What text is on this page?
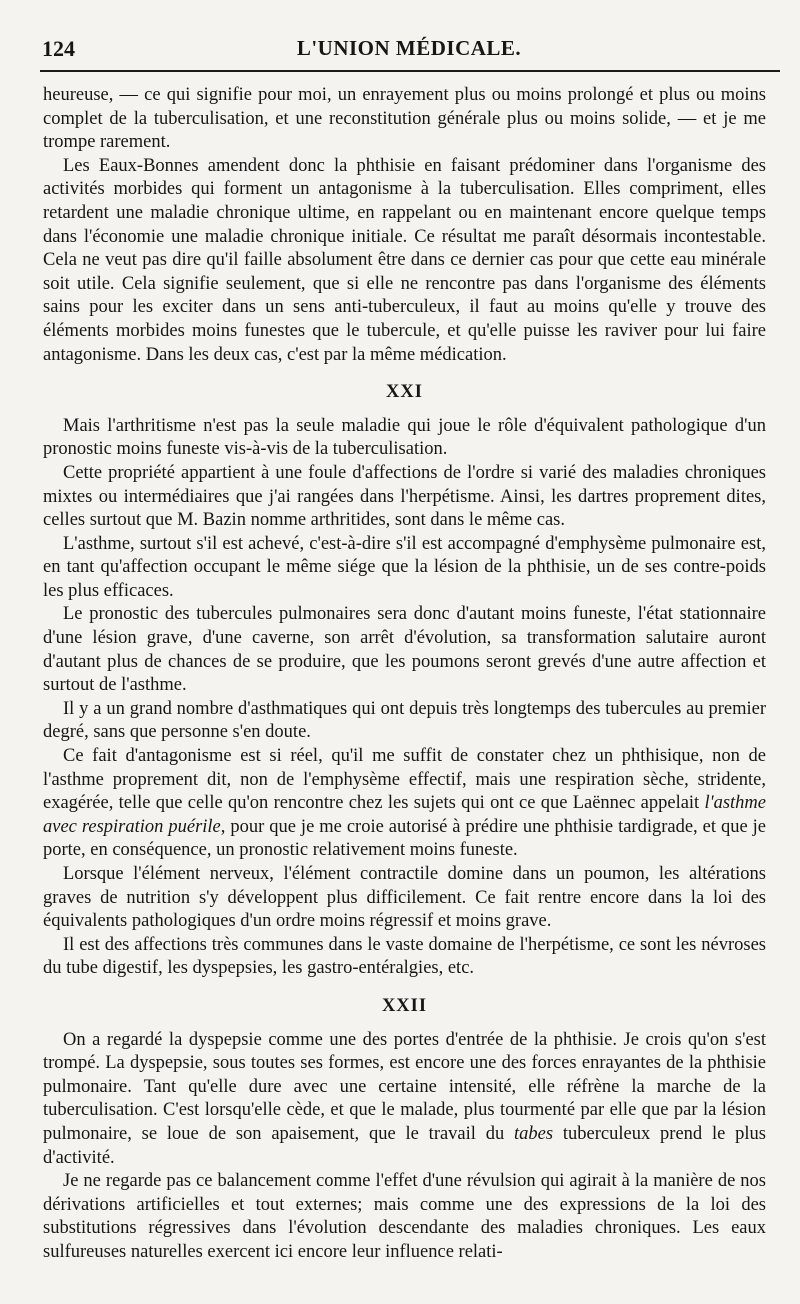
124	L'UNION MÉDICALE.

heureuse, — ce qui signifie pour moi, un enrayement plus ou moins prolongé et plus ou moins complet de la tuberculisation, et une reconstitution générale plus ou moins solide, — et je me trompe rarement.

Les Eaux-Bonnes amendent donc la phthisie en faisant prédominer dans l'organisme des activités morbides qui forment un antagonisme à la tuberculisation. Elles compriment, elles retardent une maladie chronique ultime, en rappelant ou en maintenant encore quelque temps dans l'économie une maladie chronique initiale. Ce résultat me paraît désormais incontestable. Cela ne veut pas dire qu'il faille absolument être dans ce dernier cas pour que cette eau minérale soit utile. Cela signifie seulement, que si elle ne rencontre pas dans l'organisme des éléments sains pour les exciter dans un sens anti-tuberculeux, il faut au moins qu'elle y trouve des éléments morbides moins funestes que le tubercule, et qu'elle puisse les raviver pour lui faire antagonisme. Dans les deux cas, c'est par la même médication.

XXI

Mais l'arthritisme n'est pas la seule maladie qui joue le rôle d'équivalent pathologique d'un pronostic moins funeste vis-à-vis de la tuberculisation.

Cette propriété appartient à une foule d'affections de l'ordre si varié des maladies chroniques mixtes ou intermédiaires que j'ai rangées dans l'herpétisme. Ainsi, les dartres proprement dites, celles surtout que M. Bazin nomme arthritides, sont dans le même cas.

L'asthme, surtout s'il est achevé, c'est-à-dire s'il est accompagné d'emphysème pulmonaire est, en tant qu'affection occupant le même siége que la lésion de la phthisie, un de ses contre-poids les plus efficaces.

Le pronostic des tubercules pulmonaires sera donc d'autant moins funeste, l'état stationnaire d'une lésion grave, d'une caverne, son arrêt d'évolution, sa transformation salutaire auront d'autant plus de chances de se produire, que les poumons seront grevés d'une autre affection et surtout de l'asthme.

Il y a un grand nombre d'asthmatiques qui ont depuis très longtemps des tubercules au premier degré, sans que personne s'en doute.

Ce fait d'antagonisme est si réel, qu'il me suffit de constater chez un phthisique, non de l'asthme proprement dit, non de l'emphysème effectif, mais une respiration sèche, stridente, exagérée, telle que celle qu'on rencontre chez les sujets qui ont ce que Laënnec appelait l'asthme avec respiration puérile, pour que je me croie autorisé à prédire une phthisie tardigrade, et que je porte, en conséquence, un pronostic relativement moins funeste.

Lorsque l'élément nerveux, l'élément contractile domine dans un poumon, les altérations graves de nutrition s'y développent plus difficilement. Ce fait rentre encore dans la loi des équivalents pathologiques d'un ordre moins régressif et moins grave.

Il est des affections très communes dans le vaste domaine de l'herpétisme, ce sont les névroses du tube digestif, les dyspepsies, les gastro-entéralgies, etc.

XXII

On a regardé la dyspepsie comme une des portes d'entrée de la phthisie. Je crois qu'on s'est trompé. La dyspepsie, sous toutes ses formes, est encore une des forces enrayantes de la phthisie pulmonaire. Tant qu'elle dure avec une certaine intensité, elle réfrène la marche de la tuberculisation. C'est lorsqu'elle cède, et que le malade, plus tourmenté par elle que par la lésion pulmonaire, se loue de son apaisement, que le travail du tabes tuberculeux prend le plus d'activité.

Je ne regarde pas ce balancement comme l'effet d'une révulsion qui agirait à la manière de nos dérivations artificielles et tout externes; mais comme une des expressions de la loi des substitutions régressives dans l'évolution descendante des maladies chroniques. Les eaux sulfureuses naturelles exercent ici encore leur influence relati-
